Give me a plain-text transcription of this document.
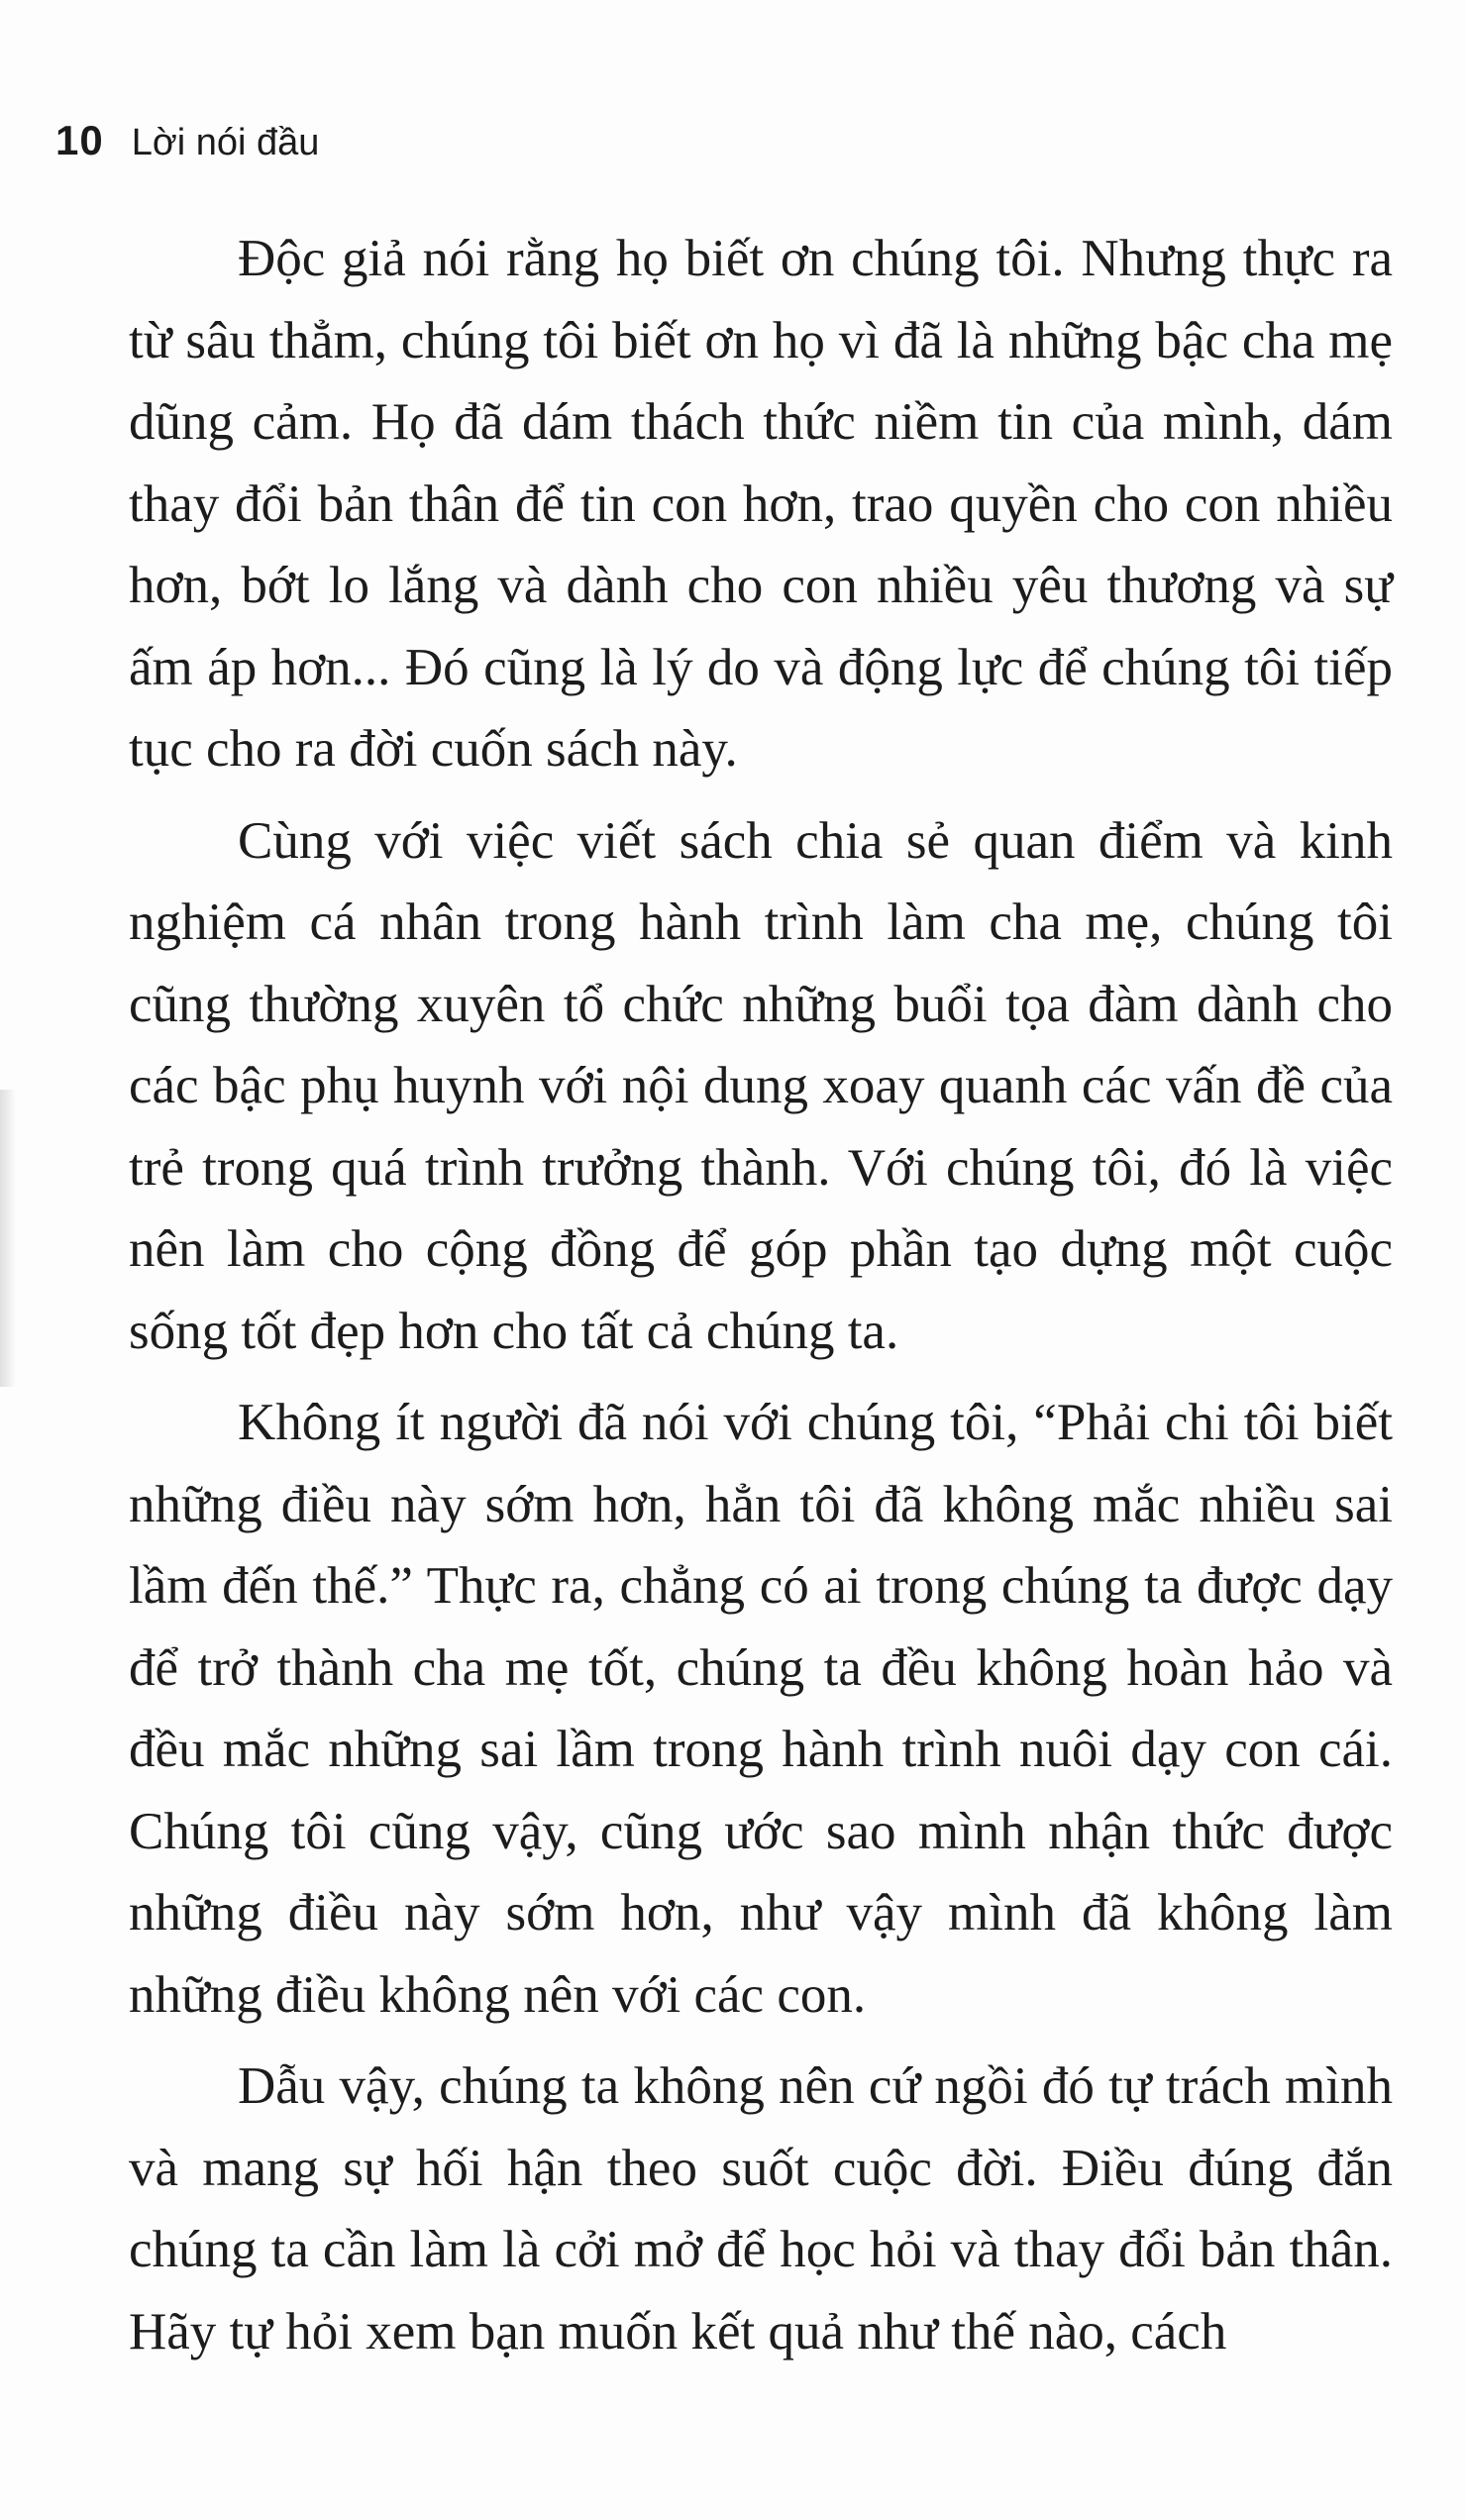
10 Lời nói đầu

Độc giả nói rằng họ biết ơn chúng tôi. Nhưng thực ra từ sâu thẳm, chúng tôi biết ơn họ vì đã là những bậc cha mẹ dũng cảm. Họ đã dám thách thức niềm tin của mình, dám thay đổi bản thân để tin con hơn, trao quyền cho con nhiều hơn, bớt lo lắng và dành cho con nhiều yêu thương và sự ấm áp hơn... Đó cũng là lý do và động lực để chúng tôi tiếp tục cho ra đời cuốn sách này.

Cùng với việc viết sách chia sẻ quan điểm và kinh nghiệm cá nhân trong hành trình làm cha mẹ, chúng tôi cũng thường xuyên tổ chức những buổi tọa đàm dành cho các bậc phụ huynh với nội dung xoay quanh các vấn đề của trẻ trong quá trình trưởng thành. Với chúng tôi, đó là việc nên làm cho cộng đồng để góp phần tạo dựng một cuộc sống tốt đẹp hơn cho tất cả chúng ta.

Không ít người đã nói với chúng tôi, “Phải chi tôi biết những điều này sớm hơn, hẳn tôi đã không mắc nhiều sai lầm đến thế.” Thực ra, chẳng có ai trong chúng ta được dạy để trở thành cha mẹ tốt, chúng ta đều không hoàn hảo và đều mắc những sai lầm trong hành trình nuôi dạy con cái. Chúng tôi cũng vậy, cũng ước sao mình nhận thức được những điều này sớm hơn, như vậy mình đã không làm những điều không nên với các con.

Dẫu vậy, chúng ta không nên cứ ngồi đó tự trách mình và mang sự hối hận theo suốt cuộc đời. Điều đúng đắn chúng ta cần làm là cởi mở để học hỏi và thay đổi bản thân. Hãy tự hỏi xem bạn muốn kết quả như thế nào, cách
